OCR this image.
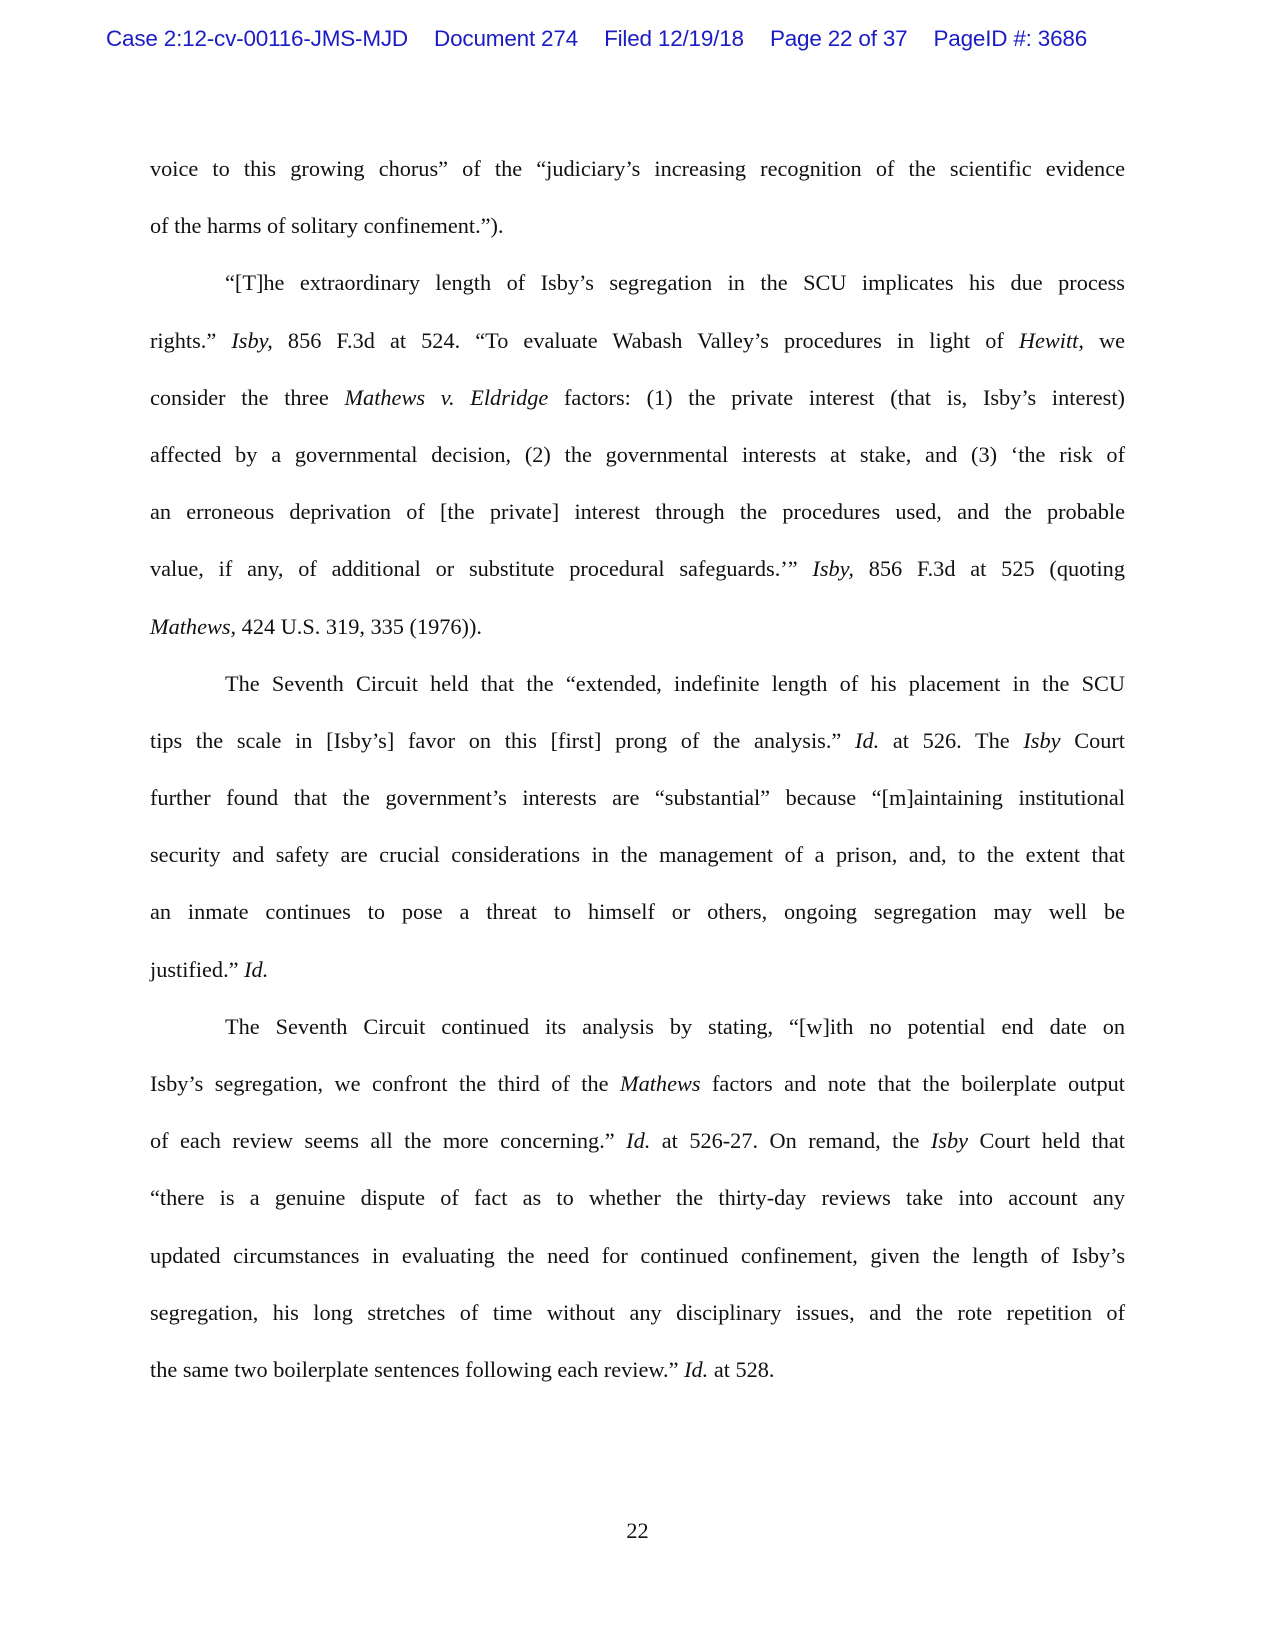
Case 2:12-cv-00116-JMS-MJD Document 274 Filed 12/19/18 Page 22 of 37 PageID #: 3686
voice to this growing chorus” of the “judiciary’s increasing recognition of the scientific evidence
of the harms of solitary confinement.”).
“[T]he extraordinary length of Isby’s segregation in the SCU implicates his due process
rights.” Isby, 856 F.3d at 524. “To evaluate Wabash Valley’s procedures in light of Hewitt, we
consider the three Mathews v. Eldridge factors: (1) the private interest (that is, Isby’s interest)
affected by a governmental decision, (2) the governmental interests at stake, and (3) ‘the risk of
an erroneous deprivation of [the private] interest through the procedures used, and the probable
value, if any, of additional or substitute procedural safeguards.’” Isby, 856 F.3d at 525 (quoting
Mathews, 424 U.S. 319, 335 (1976)).
The Seventh Circuit held that the “extended, indefinite length of his placement in the SCU
tips the scale in [Isby’s] favor on this [first] prong of the analysis.” Id. at 526. The Isby Court
further found that the government’s interests are “substantial” because “[m]aintaining institutional
security and safety are crucial considerations in the management of a prison, and, to the extent that
an inmate continues to pose a threat to himself or others, ongoing segregation may well be
justified.” Id.
The Seventh Circuit continued its analysis by stating, “[w]ith no potential end date on
Isby’s segregation, we confront the third of the Mathews factors and note that the boilerplate output
of each review seems all the more concerning.” Id. at 526-27. On remand, the Isby Court held that
“there is a genuine dispute of fact as to whether the thirty-day reviews take into account any
updated circumstances in evaluating the need for continued confinement, given the length of Isby’s
segregation, his long stretches of time without any disciplinary issues, and the rote repetition of
the same two boilerplate sentences following each review.” Id. at 528.
22
